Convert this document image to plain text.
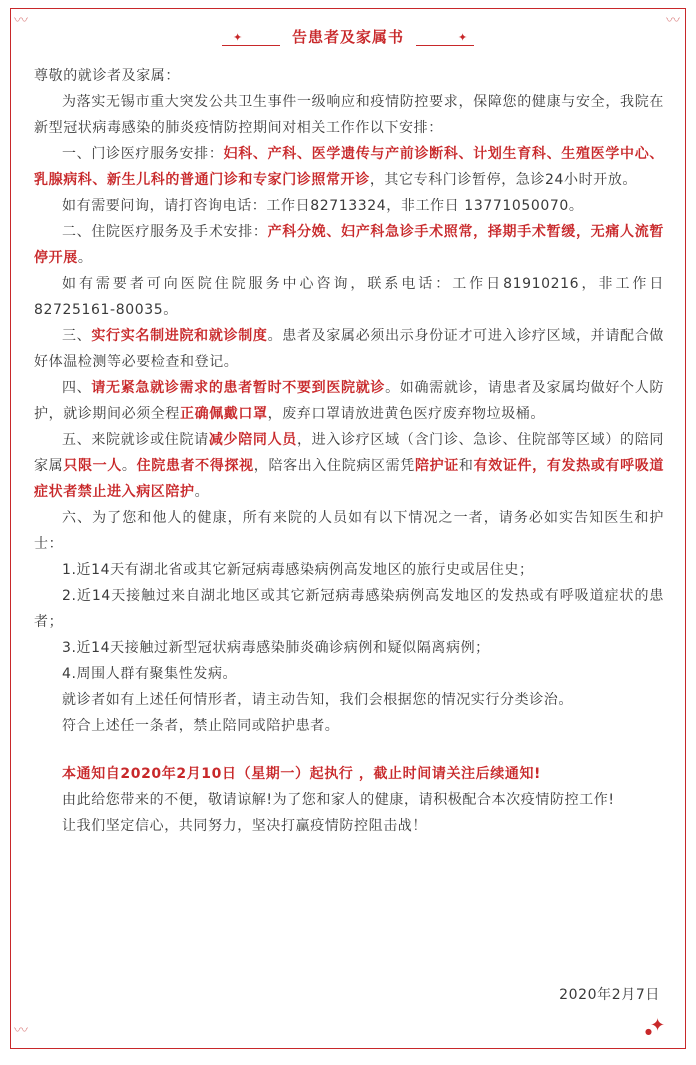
〰	〰
〰
✦	告患者及家属书	✦

尊敬的就诊者及家属：

为落实无锡市重大突发公共卫生事件一级响应和疫情防控要求，保障您的健康与安全，我院在新型冠状病毒感染的肺炎疫情防控期间对相关工作作以下安排：

一、门诊医疗服务安排：妇科、产科、医学遗传与产前诊断科、计划生育科、生殖医学中心、乳腺病科、新生儿科的普通门诊和专家门诊照常开诊，其它专科门诊暂停，急诊24小时开放。

如有需要问询，请打咨询电话：工作日82713324，非工作日 13771050070。

二、住院医疗服务及手术安排：产科分娩、妇产科急诊手术照常，择期手术暂缓，无痛人流暂停开展。

如有需要者可向医院住院服务中心咨询，联系电话：工作日81910216，非工作日82725161-80035。

三、实行实名制进院和就诊制度。患者及家属必须出示身份证才可进入诊疗区域，并请配合做好体温检测等必要检查和登记。

四、请无紧急就诊需求的患者暂时不要到医院就诊。如确需就诊，请患者及家属均做好个人防护，就诊期间必须全程正确佩戴口罩，废弃口罩请放进黄色医疗废弃物垃圾桶。

五、来院就诊或住院请减少陪同人员，进入诊疗区域（含门诊、急诊、住院部等区域）的陪同家属只限一人。住院患者不得探视，陪客出入住院病区需凭陪护证和有效证件，有发热或有呼吸道症状者禁止进入病区陪护。

六、为了您和他人的健康，所有来院的人员如有以下情况之一者，请务必如实告知医生和护士：

1.近14天有湖北省或其它新冠病毒感染病例高发地区的旅行史或居住史；

2.近14天接触过来自湖北地区或其它新冠病毒感染病例高发地区的发热或有呼吸道症状的患者；

3.近14天接触过新型冠状病毒感染肺炎确诊病例和疑似隔离病例；

4.周围人群有聚集性发病。

就诊者如有上述任何情形者，请主动告知，我们会根据您的情况实行分类诊治。

符合上述任一条者，禁止陪同或陪护患者。

本通知自2020年2月10日（星期一）起执行 ，截止时间请关注后续通知!

由此给您带来的不便，敬请谅解!为了您和家人的健康，请积极配合本次疫情防控工作!

让我们坚定信心，共同努力，坚决打赢疫情防控阻击战！

2020年2月7日
✦
●
